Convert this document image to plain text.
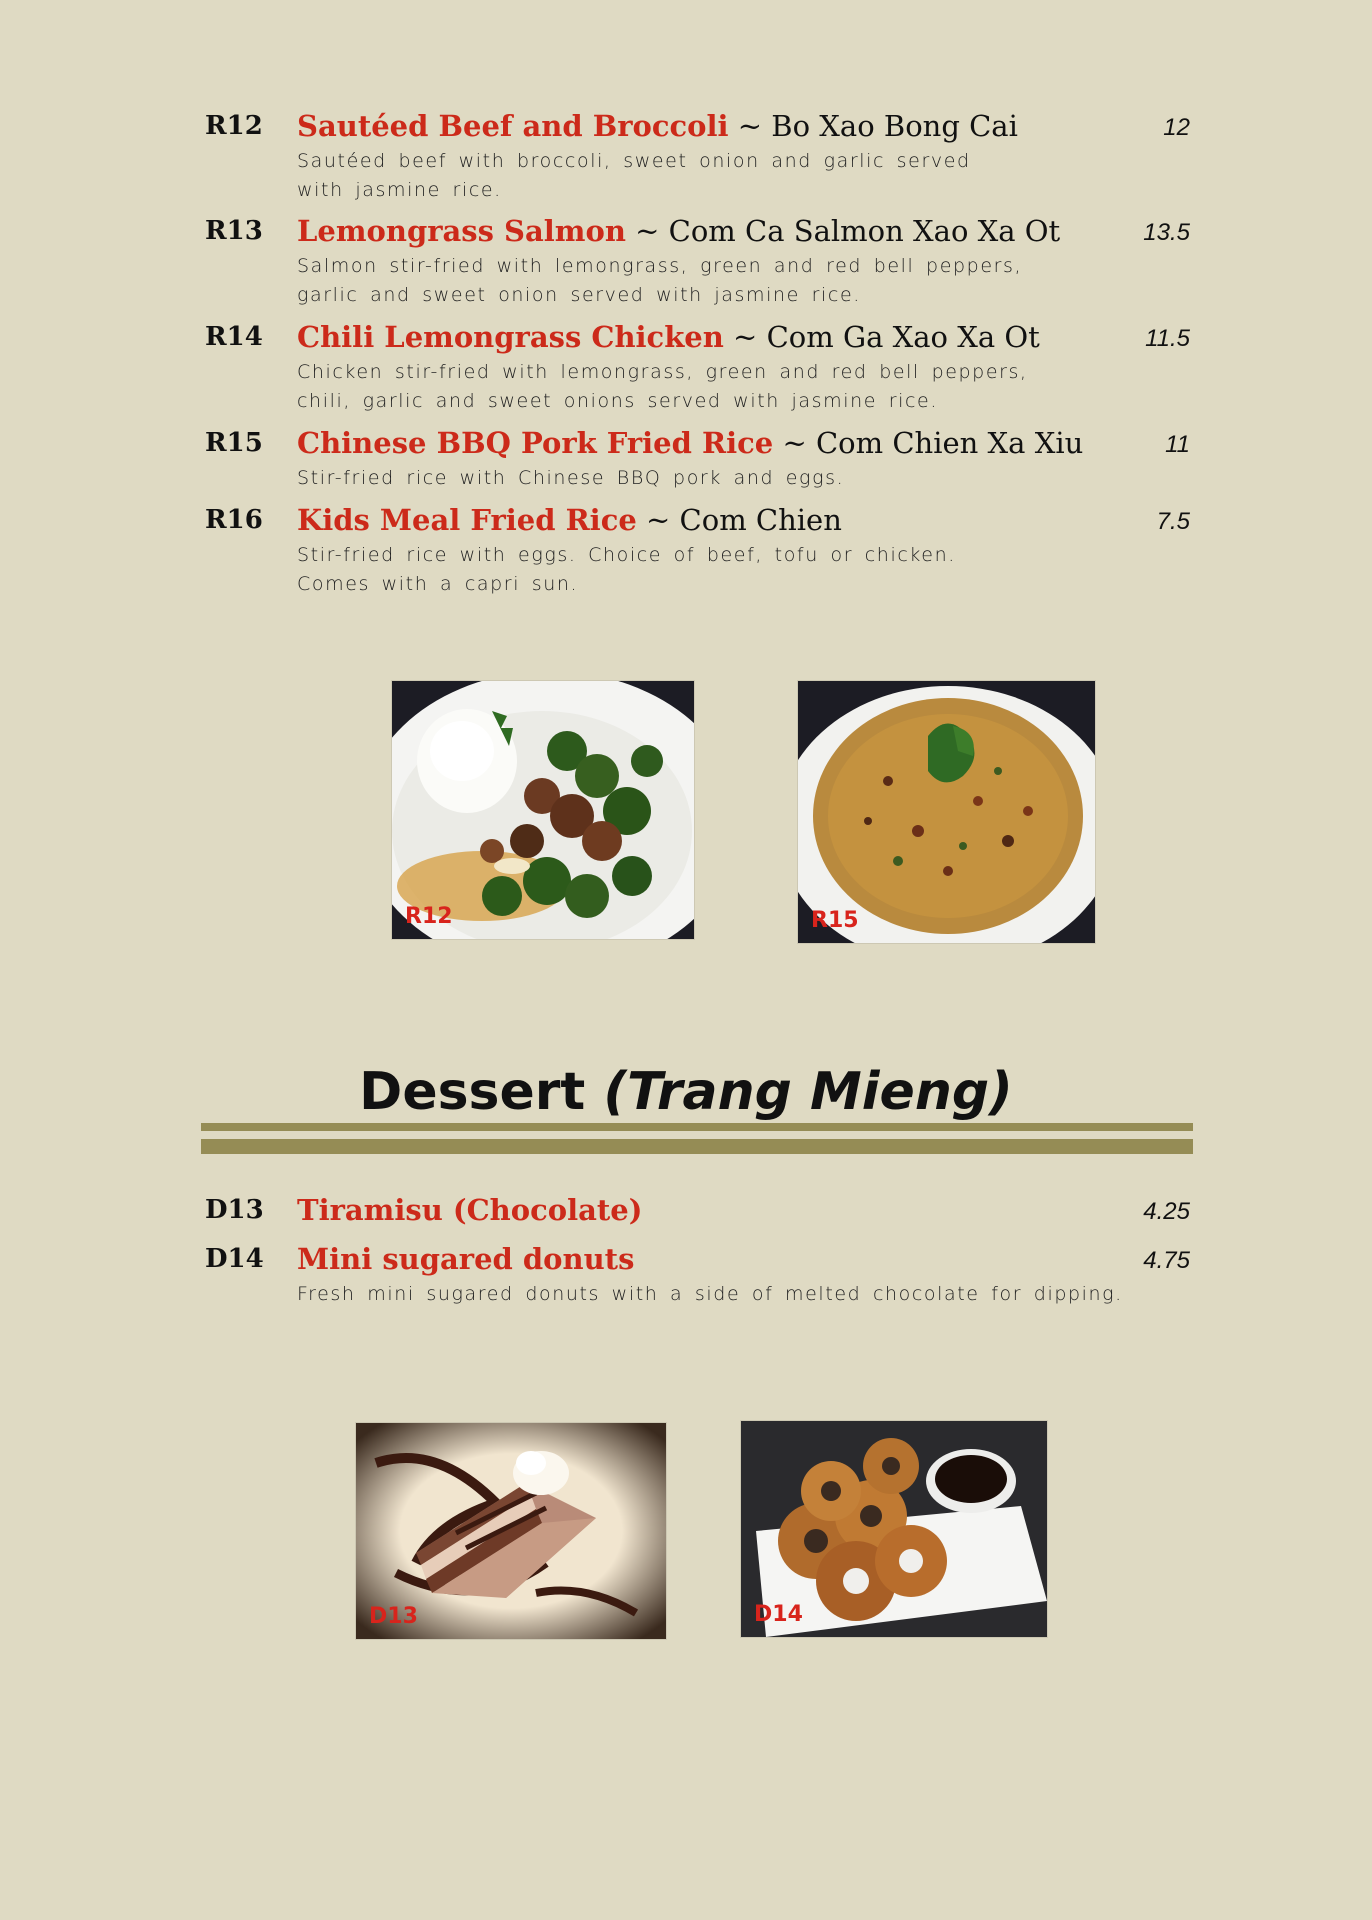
R12 Sautéed Beef and Broccoli ~ Bo Xao Bong Cai	12
Sautéed beef with broccoli, sweet onion and garlic served
with jasmine rice.
R13 Lemongrass Salmon ~ Com Ca Salmon Xao Xa Ot	13.5
Salmon stir-fried with lemongrass, green and red bell peppers,
garlic and sweet onion served with jasmine rice.
R14 Chili Lemongrass Chicken ~ Com Ga Xao Xa Ot	11.5
Chicken stir-fried with lemongrass, green and red bell peppers,
chili, garlic and sweet onions served with jasmine rice.
R15 Chinese BBQ Pork Fried Rice ~ Com Chien Xa Xiu	11
Stir-fried rice with Chinese BBQ pork and eggs.
R16 Kids Meal Fried Rice ~ Com Chien	7.5
Stir-fried rice with eggs. Choice of beef, tofu or chicken.
Comes with a capri sun.
R12	R15
Dessert (Trang Mieng)
D13 Tiramisu (Chocolate)	4.25
D14 Mini sugared donuts	4.75
Fresh mini sugared donuts with a side of melted chocolate for dipping.
D13	D14
